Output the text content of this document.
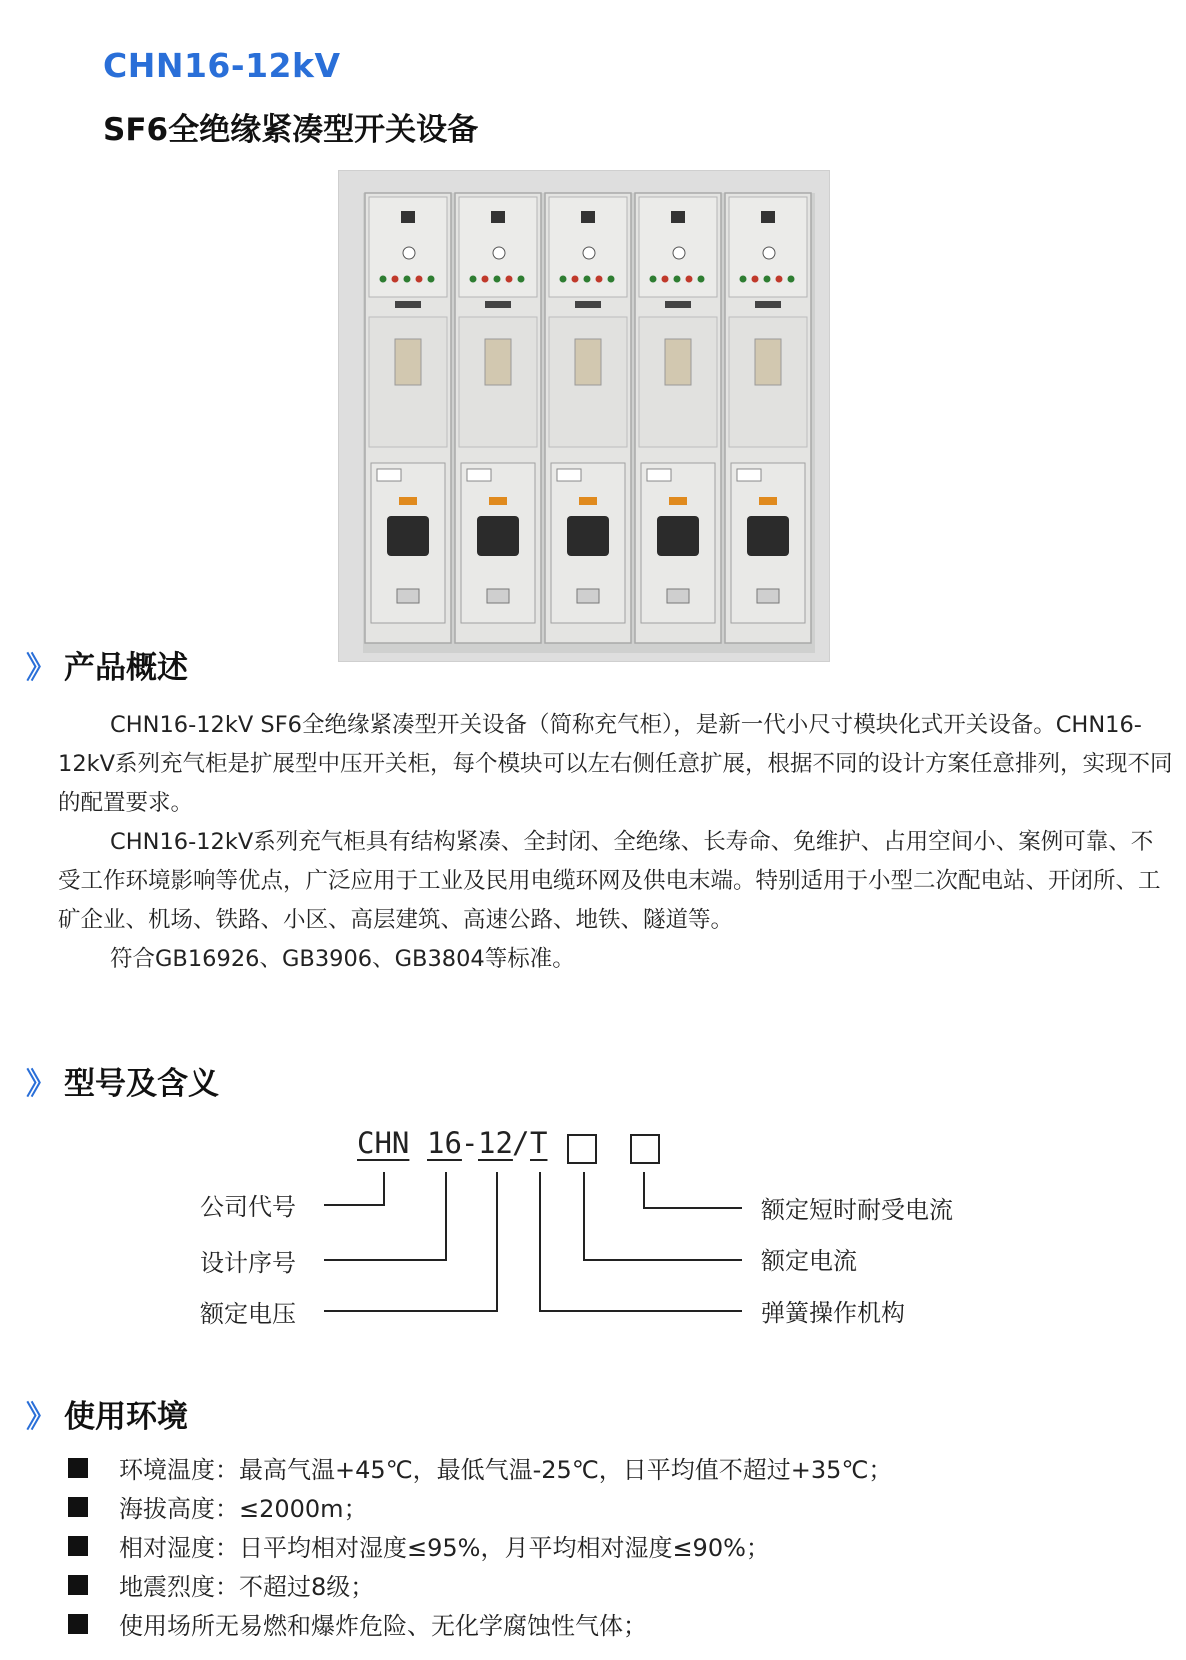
CHN16-12kV
SF6全绝缘紧凑型开关设备
》 产品概述

CHN16-12kV SF6全绝缘紧凑型开关设备（简称充气柜），是新一代小尺寸模块化式开关设备。CHN16-12kV系列充气柜是扩展型中压开关柜，每个模块可以左右侧任意扩展，根据不同的设计方案任意排列，实现不同的配置要求。

CHN16-12kV系列充气柜具有结构紧凑、全封闭、全绝缘、长寿命、免维护、占用空间小、案例可靠、不受工作环境影响等优点，广泛应用于工业及民用电缆环网及供电末端。特别适用于小型二次配电站、开闭所、工矿企业、机场、铁路、小区、高层建筑、高速公路、地铁、隧道等。

符合GB16926、GB3906、GB3804等标准。

》 型号及含义
CHN 16 - 12 / T
公司代号
设计序号
额定电压
额定短时耐受电流
额定电流
弹簧操作机构
》 使用环境
环境温度：最高气温+45℃，最低气温-25℃，日平均值不超过+35℃；
海拔高度：≤2000m；
相对湿度：日平均相对湿度≤95%，月平均相对湿度≤90%；
地震烈度：不超过8级；
使用场所无易燃和爆炸危险、无化学腐蚀性气体；
